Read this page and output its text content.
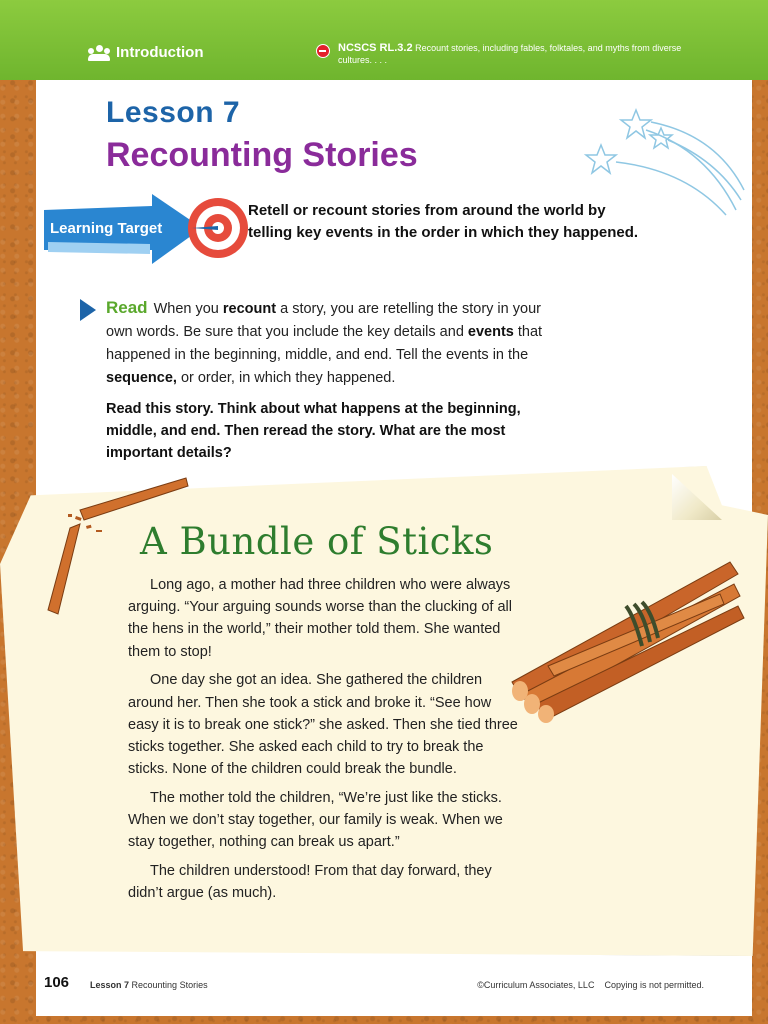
Introduction	NCSCS RL.3.2 Recount stories, including fables, folktales, and myths from diverse cultures. . . .
Lesson 7
Recounting Stories
Learning Target
Retell or recount stories from around the world by telling key events in the order in which they happened.
Read When you recount a story, you are retelling the story in your own words. Be sure that you include the key details and events that happened in the beginning, middle, and end. Tell the events in the sequence, or order, in which they happened.
Read this story. Think about what happens at the beginning, middle, and end. Then reread the story. What are the most important details?
A Bundle of Sticks

Long ago, a mother had three children who were always arguing. “Your arguing sounds worse than the clucking of all the hens in the world,” their mother told them. She wanted them to stop!

One day she got an idea. She gathered the children around her. Then she took a stick and broke it. “See how easy it is to break one stick?” she asked. Then she tied three sticks together. She asked each child to try to break the sticks. None of the children could break the bundle.

The mother told the children, “We’re just like the sticks. When we don’t stay together, our family is weak. When we stay together, nothing can break us apart.”

The children understood! From that day forward, they didn’t argue (as much).

106 Lesson 7 Recounting Stories	©Curriculum Associates, LLC    Copying is not permitted.
